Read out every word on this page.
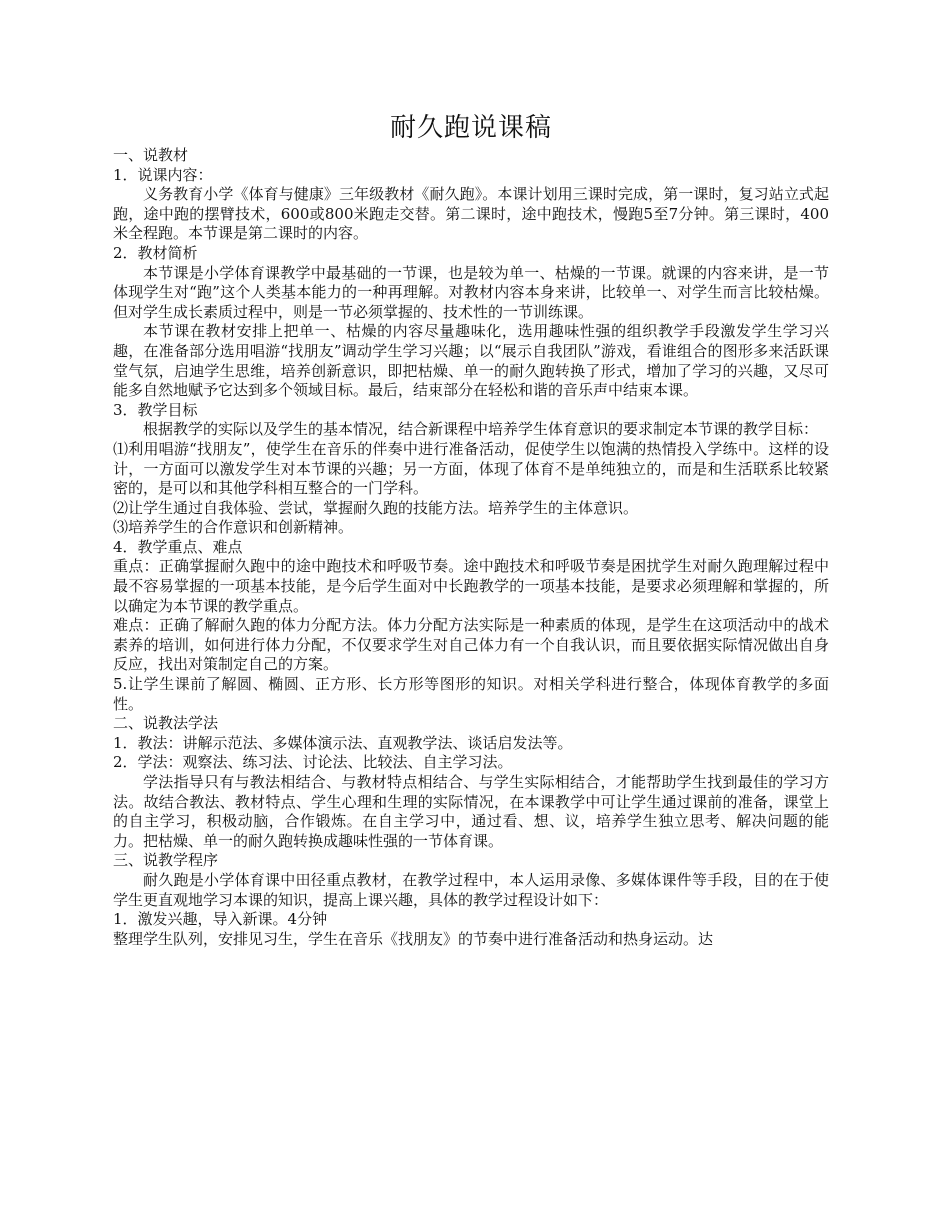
耐久跑说课稿

一、说教材

1．说课内容：

义务教育小学《体育与健康》三年级教材《耐久跑》。本课计划用三课时完成，第一课时，复习站立式起跑，途中跑的摆臂技术，600或800米跑走交替。第二课时，途中跑技术，慢跑5至7分钟。第三课时，400米全程跑。本节课是第二课时的内容。

2．教材简析

本节课是小学体育课教学中最基础的一节课，也是较为单一、枯燥的一节课。就课的内容来讲，是一节体现学生对“跑”这个人类基本能力的一种再理解。对教材内容本身来讲，比较单一、对学生而言比较枯燥。但对学生成长素质过程中，则是一节必须掌握的、技术性的一节训练课。

本节课在教材安排上把单一、枯燥的内容尽量趣味化，选用趣味性强的组织教学手段激发学生学习兴趣，在准备部分选用唱游“找朋友”调动学生学习兴趣；以“展示自我团队”游戏，看谁组合的图形多来活跃课堂气氛，启迪学生思维，培养创新意识，即把枯燥、单一的耐久跑转换了形式，增加了学习的兴趣，又尽可能多自然地赋予它达到多个领域目标。最后，结束部分在轻松和谐的音乐声中结束本课。

3．教学目标

根据教学的实际以及学生的基本情况，结合新课程中培养学生体育意识的要求制定本节课的教学目标：

⑴利用唱游“找朋友”，使学生在音乐的伴奏中进行准备活动，促使学生以饱满的热情投入学练中。这样的设计，一方面可以激发学生对本节课的兴趣；另一方面，体现了体育不是单纯独立的，而是和生活联系比较紧密的，是可以和其他学科相互整合的一门学科。

⑵让学生通过自我体验、尝试，掌握耐久跑的技能方法。培养学生的主体意识。

⑶培养学生的合作意识和创新精神。

4．教学重点、难点

重点：正确掌握耐久跑中的途中跑技术和呼吸节奏。途中跑技术和呼吸节奏是困扰学生对耐久跑理解过程中最不容易掌握的一项基本技能，是今后学生面对中长跑教学的一项基本技能，是要求必须理解和掌握的，所以确定为本节课的教学重点。

难点：正确了解耐久跑的体力分配方法。体力分配方法实际是一种素质的体现，是学生在这项活动中的战术素养的培训，如何进行体力分配，不仅要求学生对自己体力有一个自我认识，而且要依据实际情况做出自身反应，找出对策制定自己的方案。

5.让学生课前了解圆、椭圆、正方形、长方形等图形的知识。对相关学科进行整合，体现体育教学的多面性。

二、说教法学法

1．教法：讲解示范法、多媒体演示法、直观教学法、谈话启发法等。

2．学法：观察法、练习法、讨论法、比较法、自主学习法。

学法指导只有与教法相结合、与教材特点相结合、与学生实际相结合，才能帮助学生找到最佳的学习方法。故结合教法、教材特点、学生心理和生理的实际情况，在本课教学中可让学生通过课前的准备，课堂上的自主学习，积极动脑，合作锻炼。在自主学习中，通过看、想、议，培养学生独立思考、解决问题的能力。把枯燥、单一的耐久跑转换成趣味性强的一节体育课。

三、说教学程序

耐久跑是小学体育课中田径重点教材，在教学过程中，本人运用录像、多媒体课件等手段，目的在于使学生更直观地学习本课的知识，提高上课兴趣，具体的教学过程设计如下：

1．激发兴趣，导入新课。4分钟

整理学生队列，安排见习生，学生在音乐《找朋友》的节奏中进行准备活动和热身运动。达
